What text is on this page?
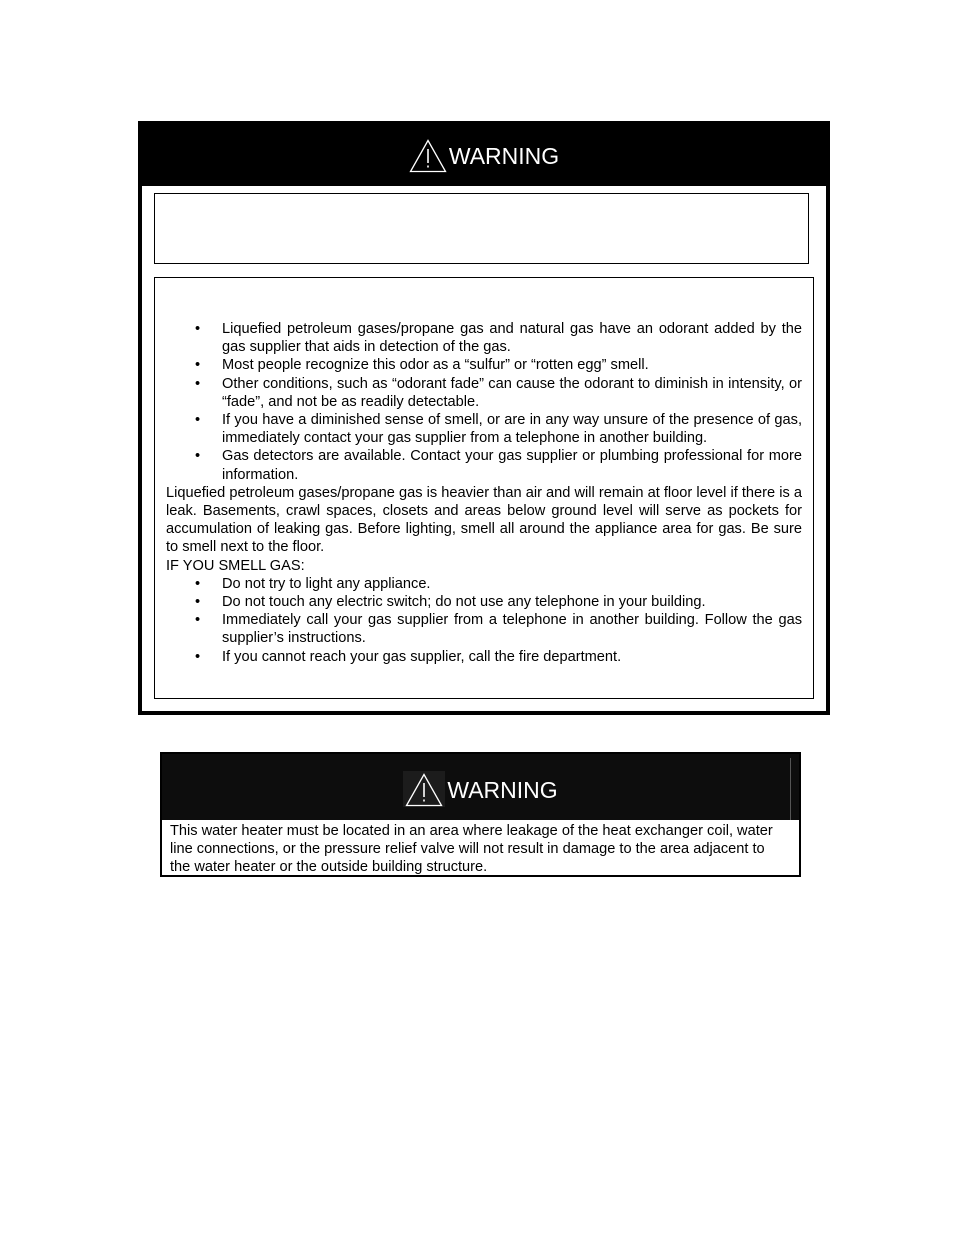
WARNING
• Liquefied petroleum gases/propane gas and natural gas have an odorant added by the gas supplier that aids in detection of the gas.
• Most people recognize this odor as a “sulfur” or “rotten egg” smell.
• Other conditions, such as “odorant fade” can cause the odorant to diminish in intensity, or “fade”, and not be as readily detectable.
• If you have a diminished sense of smell, or are in any way unsure of the presence of gas, immediately contact your gas supplier from a telephone in another building.
• Gas detectors are available. Contact your gas supplier or plumbing professional for more information.

Liquefied petroleum gases/propane gas is heavier than air and will remain at floor level if there is a leak. Basements, crawl spaces, closets and areas below ground level will serve as pockets for accumulation of leaking gas. Before lighting, smell all around the appliance area for gas. Be sure to smell next to the floor.

IF YOU SMELL GAS:

• Do not try to light any appliance.
• Do not touch any electric switch; do not use any telephone in your building.
• Immediately call your gas supplier from a telephone in another building. Follow the gas supplier’s instructions.
• If you cannot reach your gas supplier, call the fire department.
WARNING
This water heater must be located in an area where leakage of the heat exchanger coil, water line connections, or the pressure relief valve will not result in damage to the area adjacent to the water heater or the outside building structure.
